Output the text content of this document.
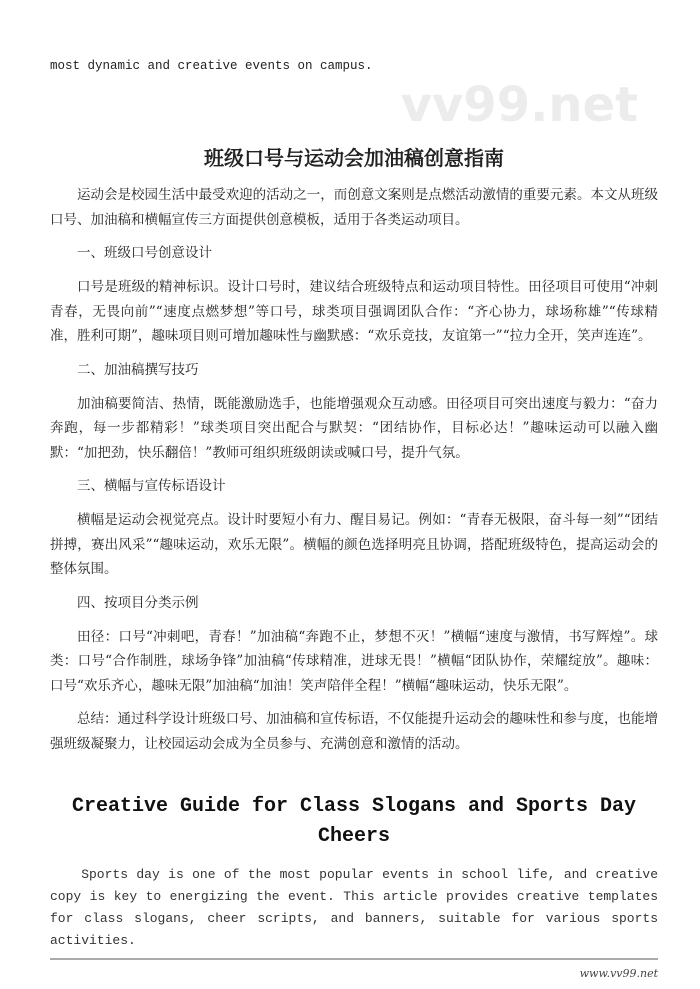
most dynamic and creative events on campus.

vv99.net
班级口号与运动会加油稿创意指南

运动会是校园生活中最受欢迎的活动之一，而创意文案则是点燃活动激情的重要元素。本文从班级口号、加油稿和横幅宣传三方面提供创意模板，适用于各类运动项目。

一、班级口号创意设计

口号是班级的精神标识。设计口号时，建议结合班级特点和运动项目特性。田径项目可使用“冲刺青春，无畏向前”“速度点燃梦想”等口号，球类项目强调团队合作：“齐心协力，球场称雄”“传球精准，胜利可期”，趣味项目则可增加趣味性与幽默感：“欢乐竞技，友谊第一”“拉力全开，笑声连连”。

二、加油稿撰写技巧

加油稿要简洁、热情，既能激励选手，也能增强观众互动感。田径项目可突出速度与毅力：“奋力奔跑，每一步都精彩！”球类项目突出配合与默契：“团结协作，目标必达！”趣味运动可以融入幽默：“加把劲，快乐翻倍！”教师可组织班级朗读或喊口号，提升气氛。

三、横幅与宣传标语设计

横幅是运动会视觉亮点。设计时要短小有力、醒目易记。例如：“青春无极限，奋斗每一刻”“团结拼搏，赛出风采”“趣味运动，欢乐无限”。横幅的颜色选择明亮且协调，搭配班级特色，提高运动会的整体氛围。

四、按项目分类示例

田径：口号“冲刺吧，青春！”加油稿“奔跑不止，梦想不灭！”横幅“速度与激情，书写辉煌”。球类：口号“合作制胜，球场争锋”加油稿“传球精准，进球无畏！”横幅“团队协作，荣耀绽放”。趣味：口号“欢乐齐心，趣味无限”加油稿“加油！笑声陪伴全程！”横幅“趣味运动，快乐无限”。

总结：通过科学设计班级口号、加油稿和宣传标语，不仅能提升运动会的趣味性和参与度，也能增强班级凝聚力，让校园运动会成为全员参与、充满创意和激情的活动。

Creative Guide for Class Slogans and Sports Day Cheers

Sports day is one of the most popular events in school life, and creative copy is key to energizing the event. This article provides creative templates for class slogans, cheer scripts, and banners, suitable for various sports activities.

www.vv99.net
